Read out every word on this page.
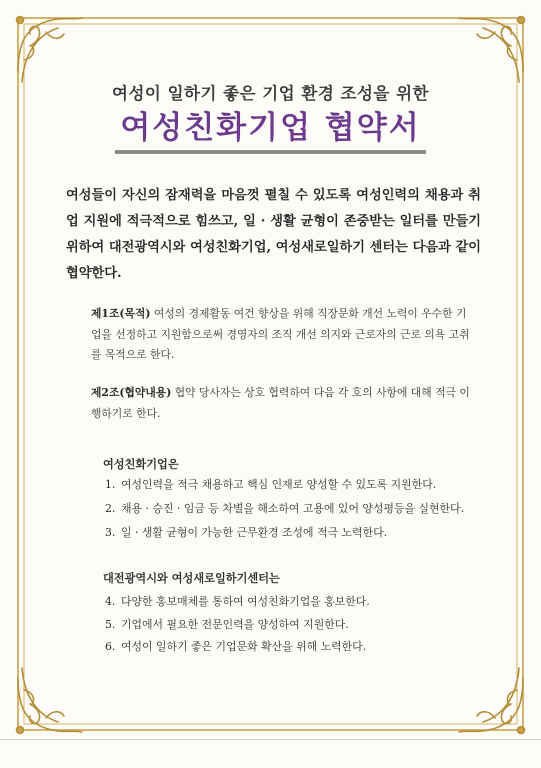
여성이 일하기 좋은 기업 환경 조성을 위한
여성친화기업 협약서
여성들이 자신의 잠재력을 마음껏 펼칠 수 있도록 여성인력의 채용과 취업 지원에 적극적으로 힘쓰고, 일 · 생활 균형이 존중받는 일터를 만들기 위하여 대전광역시와 여성친화기업, 여성새로일하기 센터는 다음과 같이 협약한다.
제1조(목적) 여성의 경제활동 여건 향상을 위해 직장문화 개선 노력이 우수한 기업을 선정하고 지원함으로써 경영자의 조직 개선 의지와 근로자의 근로 의욕 고취를 목적으로 한다.
제2조(협약내용) 협약 당사자는 상호 협력하여 다음 각 호의 사항에 대해 적극 이행하기로 한다.
여성친화기업은
1. 여성인력을 적극 채용하고 핵심 인재로 양성할 수 있도록 지원한다.
2. 채용 · 승진 · 임금 등 차별을 해소하여 고용에 있어 양성평등을 실현한다.
3. 일 · 생활 균형이 가능한 근무환경 조성에 적극 노력한다.
대전광역시와 여성새로일하기센터는
4. 다양한 홍보매체를 통하여 여성친화기업을 홍보한다.
5. 기업에서 필요한 전문인력을 양성하여 지원한다.
6. 여성이 일하기 좋은 기업문화 확산을 위해 노력한다.
